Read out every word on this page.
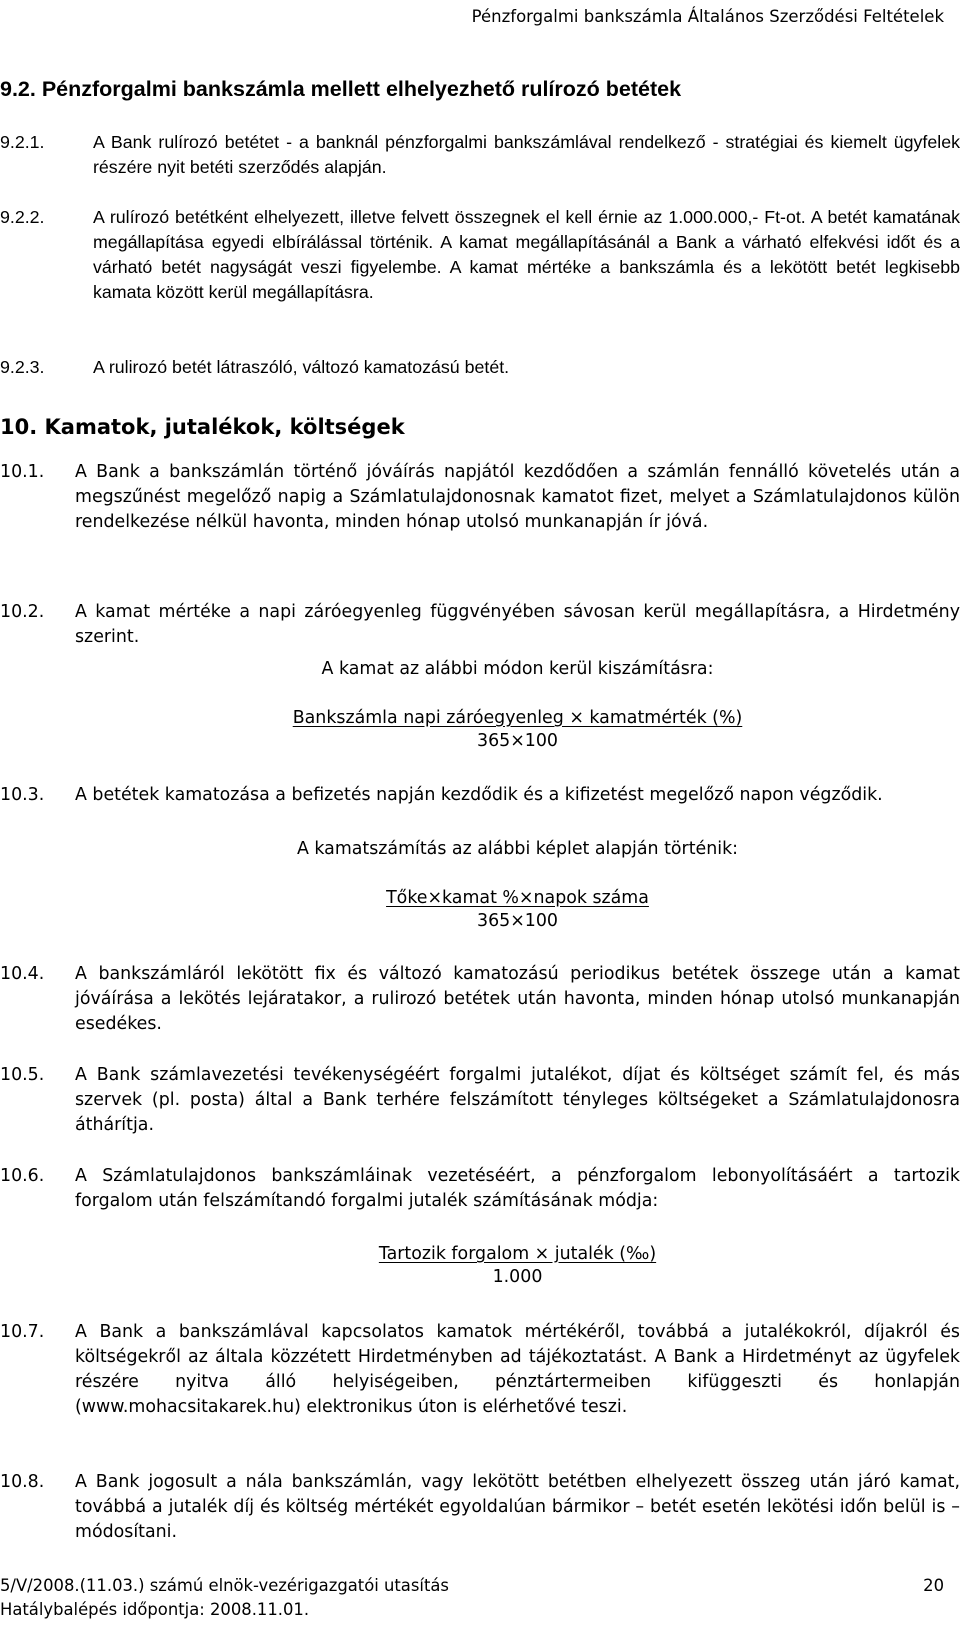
Pénzforgalmi bankszámla Általános Szerződési Feltételek
9.2. Pénzforgalmi bankszámla mellett elhelyezhető rulírozó betétek
9.2.1.	A Bank rulírozó betétet - a banknál pénzforgalmi bankszámlával rendelkező - stratégiai és kiemelt ügyfelek részére nyit betéti szerződés alapján.
9.2.2.	A rulírozó betétként elhelyezett, illetve felvett összegnek el kell érnie az 1.000.000,- Ft-ot. A betét kamatának megállapítása egyedi elbírálással történik. A kamat megállapításánál a Bank a várható elfekvési időt és a várható betét nagyságát veszi figyelembe. A kamat mértéke a bankszámla és a lekötött betét legkisebb kamata között kerül megállapításra.
9.2.3.	A rulirozó betét látraszóló, változó kamatozású betét.
10. Kamatok, jutalékok, költségek
10.1. A Bank a bankszámlán történő jóváírás napjától kezdődően a számlán fennálló követelés után a megszűnést megelőző napig a Számlatulajdonosnak kamatot fizet, melyet a Számlatulajdonos külön rendelkezése nélkül havonta, minden hónap utolsó munkanapján ír jóvá.
10.2. A kamat mértéke a napi záróegyenleg függvényében sávosan kerül megállapításra, a Hirdetmény szerint.
A kamat az alábbi módon kerül kiszámításra:
Bankszámla napi záróegyenleg × kamatmérték (%)
365×100
10.3. A betétek kamatozása a befizetés napján kezdődik és a kifizetést megelőző napon végződik.
A kamatszámítás az alábbi képlet alapján történik:
Tőke×kamat %×napok száma
365×100
10.4. A bankszámláról lekötött fix és változó kamatozású periodikus betétek összege után a kamat jóváírása a lekötés lejáratakor, a rulirozó betétek után havonta, minden hónap utolsó munkanapján esedékes.
10.5. A Bank számlavezetési tevékenységéért forgalmi jutalékot, díjat és költséget számít fel, és más szervek (pl. posta) által a Bank terhére felszámított tényleges költségeket a Számlatulajdonosra áthárítja.
10.6. A Számlatulajdonos bankszámláinak vezetéséért, a pénzforgalom lebonyolításáért a tartozik forgalom után felszámítandó forgalmi jutalék számításának módja:
Tartozik forgalom × jutalék (‰)
1.000
10.7. A Bank a bankszámlával kapcsolatos kamatok mértékéről, továbbá a jutalékokról, díjakról és költségekről az általa közzétett Hirdetményben ad tájékoztatást. A Bank a Hirdetményt az ügyfelek részére nyitva álló helyiségeiben, pénztártermeiben kifüggeszti és honlapján (www.mohacsitakarek.hu) elektronikus úton is elérhetővé teszi.
10.8. A Bank jogosult a nála bankszámlán, vagy lekötött betétben elhelyezett összeg után járó kamat, továbbá a jutalék díj és költség mértékét egyoldalúan bármikor – betét esetén lekötési időn belül is – módosítani.
5/V/2008.(11.03.) számú elnök-vezérigazgatói utasítás
Hatálybalépés időpontja: 2008.11.01.
20
